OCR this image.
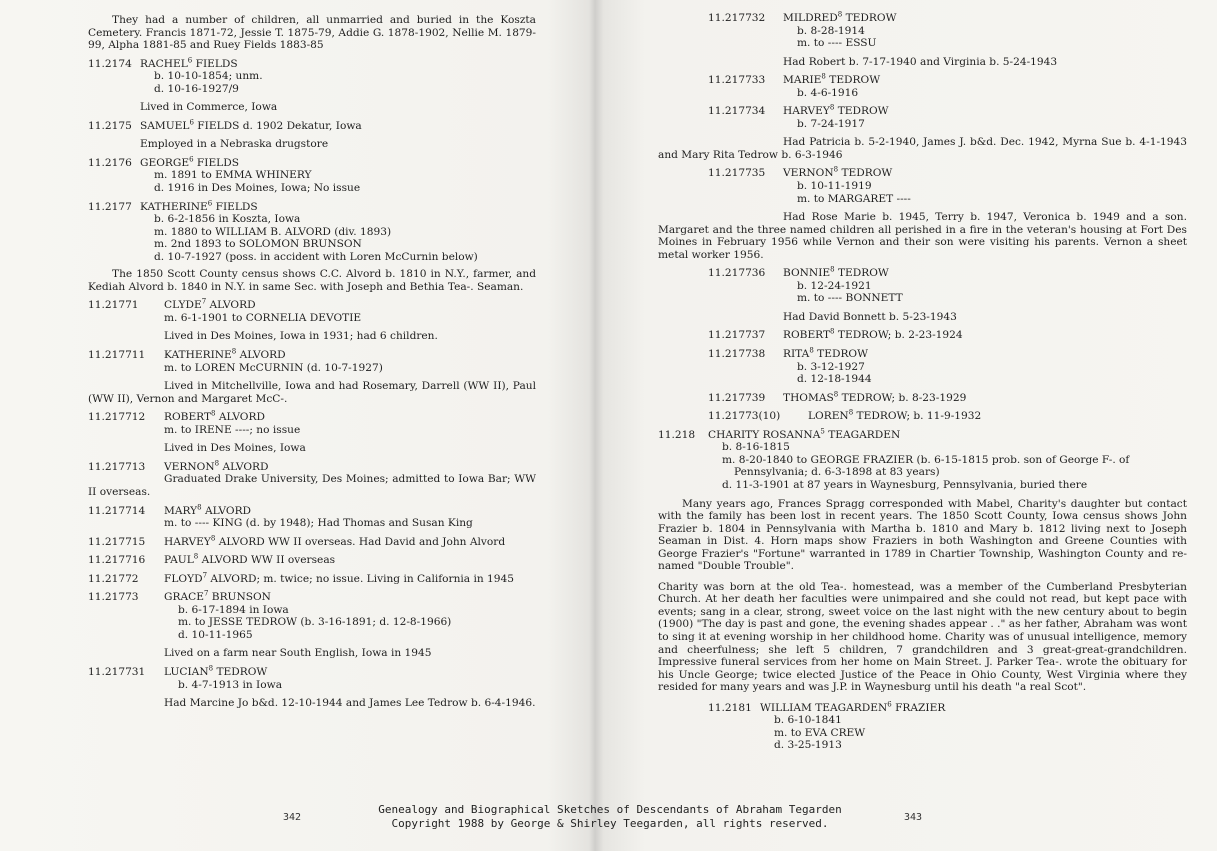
They had a number of children, all unmarried and buried in the Koszta Cemetery. Francis 1871-72, Jessie T. 1875-79, Addie G. 1878-1902, Nellie M. 1879-99, Alpha 1881-85 and Ruey Fields 1883-85
11.2174 RACHEL$^6$ FIELDS
b. 10-10-1854; unm.
d. 10-16-1927/9
Lived in Commerce, Iowa
11.2175 SAMUEL$^6$ FIELDS d. 1902 Dekatur, Iowa
Employed in a Nebraska drugstore
11.2176 GEORGE$^6$ FIELDS
m. 1891 to EMMA WHINERY
d. 1916 in Des Moines, Iowa; No issue
11.2177 KATHERINE$^6$ FIELDS
b. 6-2-1856 in Koszta, Iowa
m. 1880 to WILLIAM B. ALVORD (div. 1893)
m. 2nd 1893 to SOLOMON BRUNSON
d. 10-7-1927 (poss. in accident with Loren McCurnin below)
The 1850 Scott County census shows C.C. Alvord b. 1810 in N.Y., farmer, and Kediah Alvord b. 1840 in N.Y. in same Sec. with Joseph and Bethia Tea-. Seaman.
11.21771	CLYDE$^7$ ALVORD
m. 6-1-1901 to CORNELIA DEVOTIE
Lived in Des Moines, Iowa in 1931; had 6 children.
11.217711	KATHERINE$^8$ ALVORD
m. to LOREN McCURNIN (d. 10-7-1927)
Lived in Mitchellville, Iowa and had Rosemary, Darrell (WW II), Paul (WW II), Vernon and Margaret McC-.
11.217712	ROBERT$^8$ ALVORD
m. to IRENE ----; no issue
Lived in Des Moines, Iowa
11.217713	VERNON$^8$ ALVORD
Graduated Drake University, Des Moines; admitted to Iowa Bar; WW II overseas.
11.217714	MARY$^8$ ALVORD
m. to ---- KING (d. by 1948); Had Thomas and Susan King
11.217715	HARVEY$^8$ ALVORD WW II overseas. Had David and John Alvord
11.217716	PAUL$^8$ ALVORD WW II overseas
11.21772	FLOYD$^7$ ALVORD; m. twice; no issue. Living in California in 1945
11.21773	GRACE$^7$ BRUNSON
b. 6-17-1894 in Iowa
m. to JESSE TEDROW (b. 3-16-1891; d. 12-8-1966)
d. 10-11-1965
Lived on a farm near South English, Iowa in 1945
11.217731	LUCIAN$^8$ TEDROW
b. 4-7-1913 in Iowa
Had Marcine Jo b&d. 12-10-1944 and James Lee Tedrow b. 6-4-1946.
342
11.217732	MILDRED$^8$ TEDROW
b. 8-28-1914
m. to ---- ESSU
Had Robert b. 7-17-1940 and Virginia b. 5-24-1943
11.217733	MARIE$^8$ TEDROW
b. 4-6-1916
11.217734	HARVEY$^8$ TEDROW
b. 7-24-1917
Had Patricia b. 5-2-1940, James J. b&d. Dec. 1942, Myrna Sue b. 4-1-1943 and Mary Rita Tedrow b. 6-3-1946
11.217735	VERNON$^8$ TEDROW
b. 10-11-1919
m. to MARGARET ----
Had Rose Marie b. 1945, Terry b. 1947, Veronica b. 1949 and a son. Margaret and the three named children all perished in a fire in the veteran's housing at Fort Des Moines in February 1956 while Vernon and their son were visiting his parents. Vernon a sheet metal worker 1956.
11.217736	BONNIE$^8$ TEDROW
b. 12-24-1921
m. to ---- BONNETT
Had David Bonnett b. 5-23-1943
11.217737	ROBERT$^8$ TEDROW; b. 2-23-1924
11.217738	RITA$^8$ TEDROW
b. 3-12-1927
d. 12-18-1944
11.217739	THOMAS$^8$ TEDROW; b. 8-23-1929
11.21773(10)	LOREN$^8$ TEDROW; b. 11-9-1932
11.218	CHARITY ROSANNA$^5$ TEAGARDEN
b. 8-16-1815
m. 8-20-1840 to GEORGE FRAZIER (b. 6-15-1815 prob. son of George F-. of Pennsylvania; d. 6-3-1898 at 83 years)
d. 11-3-1901 at 87 years in Waynesburg, Pennsylvania, buried there
Many years ago, Frances Spragg corresponded with Mabel, Charity's daughter but contact with the family has been lost in recent years. The 1850 Scott County, Iowa census shows John Frazier b. 1804 in Pennsylvania with Martha b. 1810 and Mary b. 1812 living next to Joseph Seaman in Dist. 4. Horn maps show Fraziers in both Washington and Greene Counties with George Frazier's "Fortune" warranted in 1789 in Chartier Township, Washington County and re-named "Double Trouble".
Charity was born at the old Tea-. homestead, was a member of the Cumberland Presbyterian Church. At her death her faculties were unimpaired and she could not read, but kept pace with events; sang in a clear, strong, sweet voice on the last night with the new century about to begin (1900) "The day is past and gone, the evening shades appear . ." as her father, Abraham was wont to sing it at evening worship in her childhood home. Charity was of unusual intelligence, memory and cheerfulness; she left 5 children, 7 grandchildren and 3 great-great-grandchildren. Impressive funeral services from her home on Main Street. J. Parker Tea-. wrote the obituary for his Uncle George; twice elected Justice of the Peace in Ohio County, West Virginia where they resided for many years and was J.P. in Waynesburg until his death "a real Scot".
11.2181 WILLIAM TEAGARDEN$^6$ FRAZIER
b. 6-10-1841
m. to EVA CREW
d. 3-25-1913
343
Genealogy and Biographical Sketches of Descendants of Abraham Tegarden
Copyright 1988 by George & Shirley Teegarden, all rights reserved.
